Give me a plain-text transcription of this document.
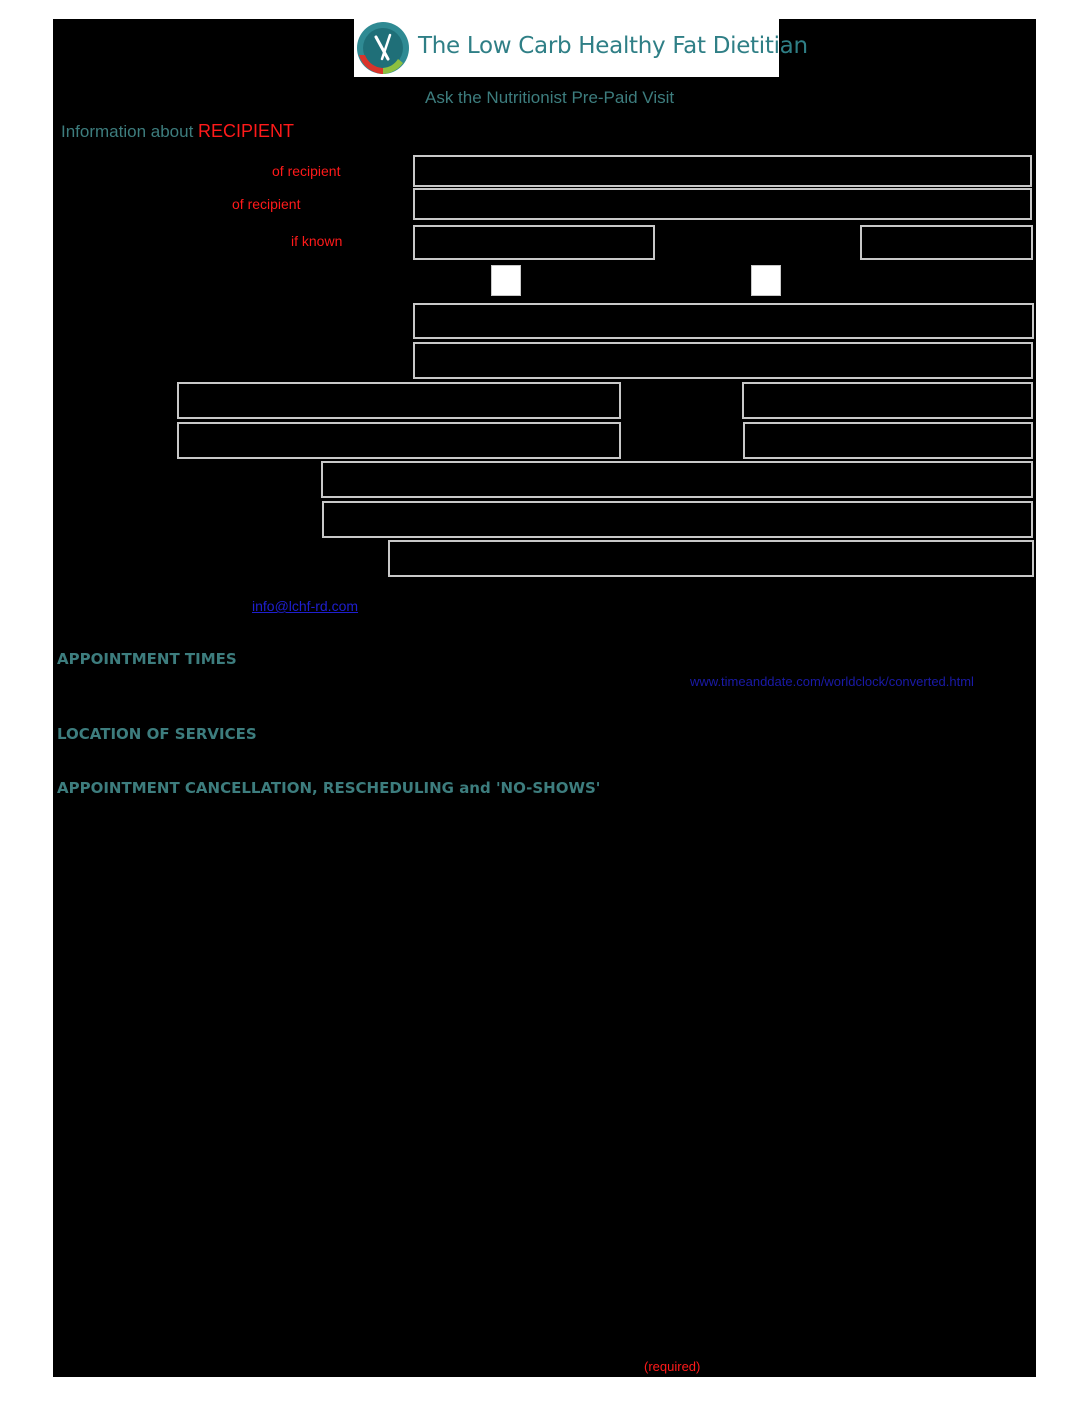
The Low Carb Healthy Fat Dietitian
Ask the Nutritionist Pre-Paid Visit
Information about RECIPIENT
of recipient
of recipient
if known
info@lchf-rd.com
APPOINTMENT TIMES
www.timeanddate.com/worldclock/converted.html
LOCATION OF SERVICES
APPOINTMENT CANCELLATION, RESCHEDULING and 'NO-SHOWS'
(required)
